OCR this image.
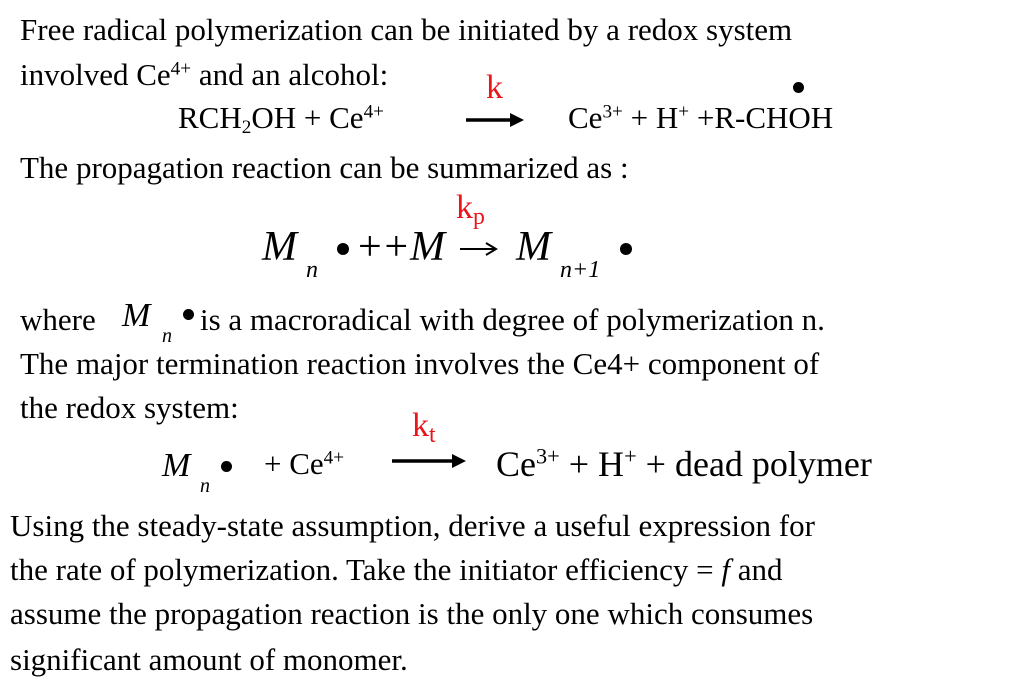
Free radical polymerization can be initiated by a redox system
involved $Ce^{4+}$ and an alcohol:	k
$RCH_2OH + Ce^{4+}$	$Ce^{3+} + H^+$ +R-CHOH
The propagation reaction can be summarized as :
$k_p$
M n ++M M n+1
where M
n is a macroradical with degree of polymerization n.
The major termination reaction involves the Ce4+ component of
the redox system:	$k_t$
M
n
+ $Ce^{4+}$	$Ce^{3+} + H^+$ + dead polymer
Using the steady-state assumption, derive a useful expression for
the rate of polymerization. Take the initiator efficiency = f and
assume the propagation reaction is the only one which consumes
significant amount of monomer.
